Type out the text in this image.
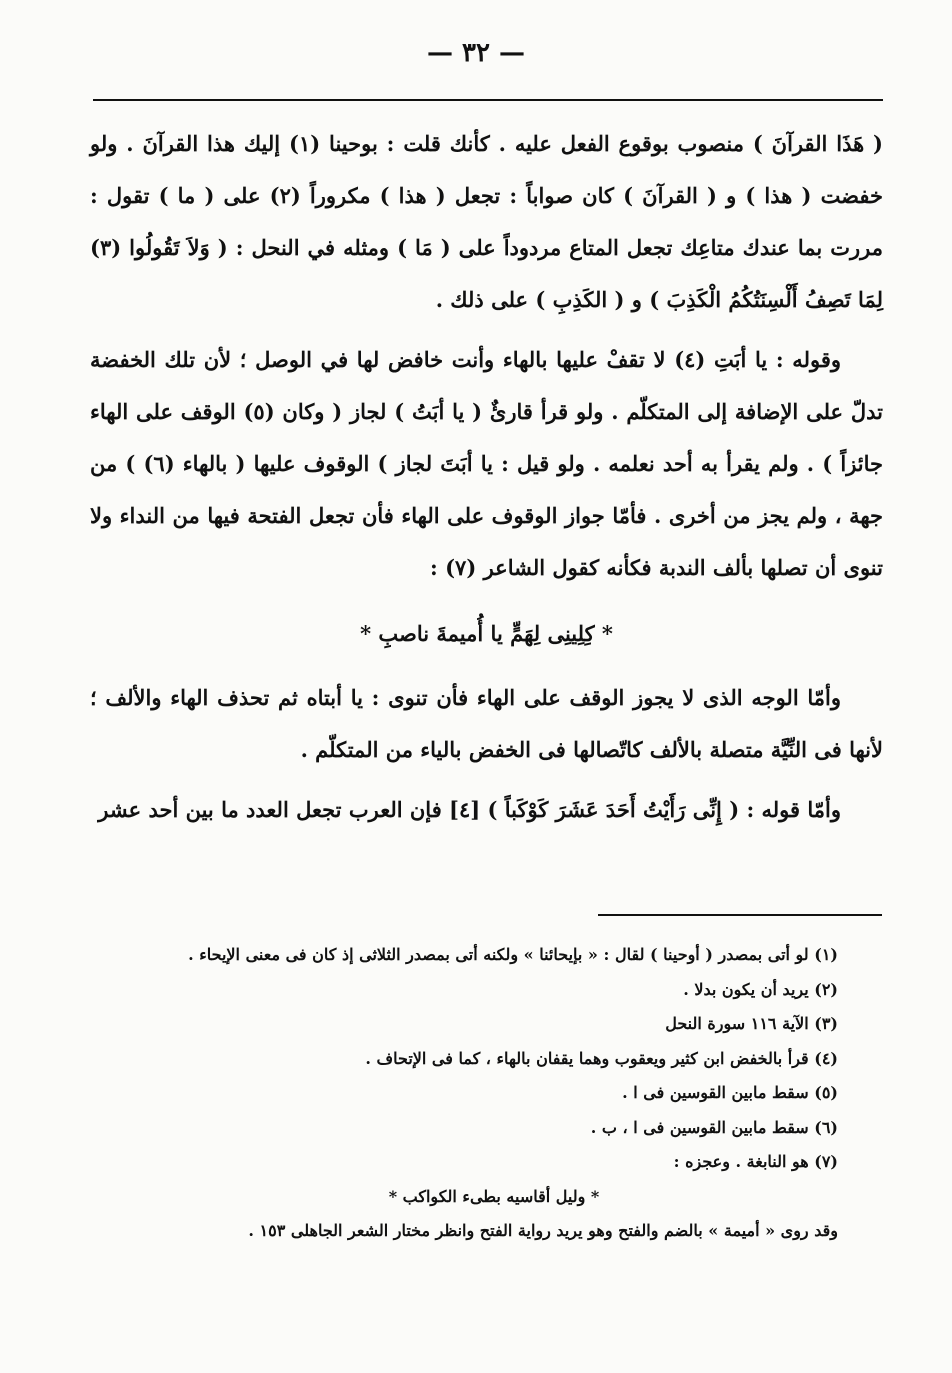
— ٣٢ —

( هَذَا القرآنَ ) منصوب بوقوع الفعل عليه . كأنك قلت : بوحينا (١) إليك هذا القرآنَ . ولو خفضت ( هذا ) و ( القرآنَ ) كان صواباً : تجعل ( هذا ) مكروراً (٢) على ( ما ) تقول : مررت بما عندك متاعِك تجعل المتاع مردوداً على ( مَا ) ومثله في النحل : ( وَلاَ تَقُولُوا (٣) لِمَا تَصِفُ أَلْسِنَتُكُمُ الْكَذِبَ ) و ( الكَذِبِ ) على ذلك .

وقوله : يا أبَتِ (٤) لا تقفْ عليها بالهاء وأنت خافض لها في الوصل ؛ لأن تلك الخفضة تدلّ على الإضافة إلى المتكلّم . ولو قرأ قارئٌ ( يا أبَتُ ) لجاز ( وكان (٥) الوقف على الهاء جائزاً ) . ولم يقرأ به أحد نعلمه . ولو قيل : يا أبَتَ لجاز ) الوقوف عليها ( بالهاء (٦) ) من جهة ، ولم يجز من أخرى . فأمّا جواز الوقوف على الهاء فأن تجعل الفتحة فيها من النداء ولا تنوى أن تصلها بألف الندبة فكأنه كقول الشاعر (٧) :

* كِلِينِى لِهَمٍّ يا أُميمةَ ناصبِ *

وأمّا الوجه الذى لا يجوز الوقف على الهاء فأن تنوى : يا أبتاه ثم تحذف الهاء والألف ؛ لأنها فى النِّيَّة متصلة بالألف كاتّصالها فى الخفض بالياء من المتكلّم .

وأمّا قوله : ( إِنِّى رَأَيْتُ أَحَدَ عَشَرَ كَوْكَباً ) [٤] فإن العرب تجعل العدد ما بين أحد عشر

(١) لو أتى بمصدر ( أوحينا ) لقال : « بإيحائنا » ولكنه أتى بمصدر الثلاثى إذ كان فى معنى الإيحاء .
(٢) يريد أن يكون بدلا .
(٣) الآية ١١٦ سورة النحل
(٤) قرأ بالخفض ابن كثير ويعقوب وهما يقفان بالهاء ، كما فى الإتحاف .
(٥) سقط مابين القوسين فى ا .
(٦) سقط مابين القوسين فى ا ، ب .
(٧) هو النابغة . وعجزه :
* وليل أقاسيه بطىء الكواكب *
وقد روى « أميمة » بالضم والفتح وهو يريد رواية الفتح وانظر مختار الشعر الجاهلى ١٥٣ .
